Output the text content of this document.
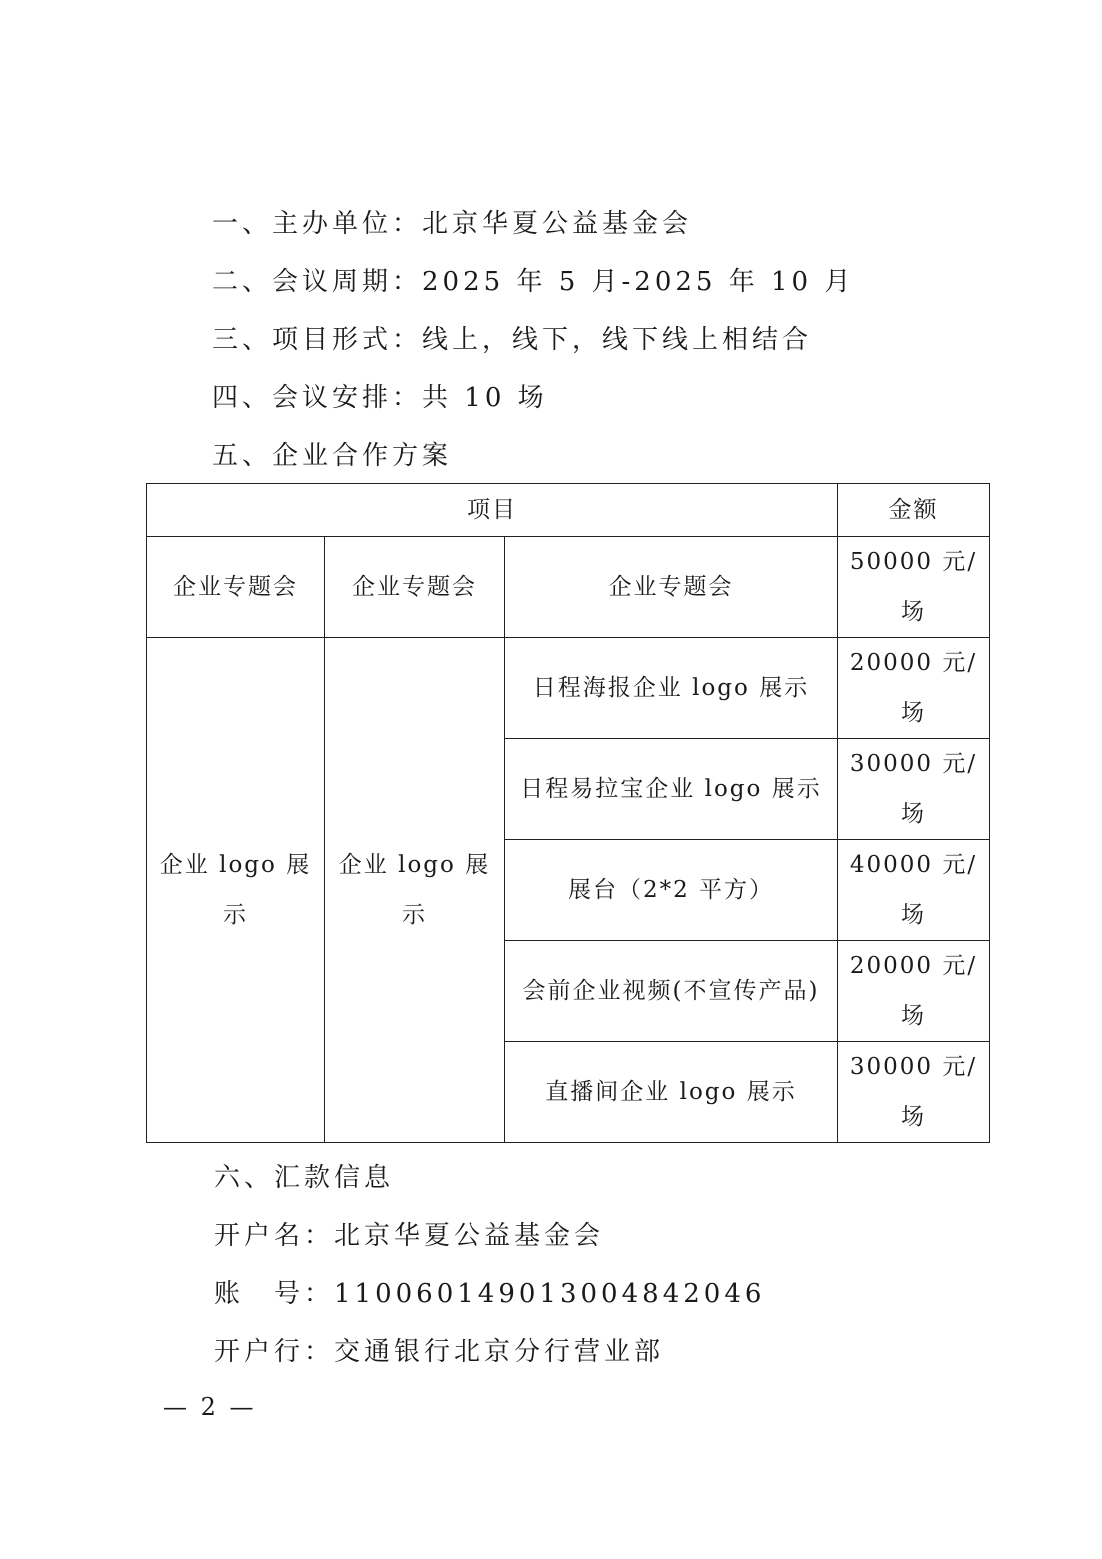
一、主办单位：北京华夏公益基金会
二、会议周期：2025 年 5 月-2025 年 10 月
三、项目形式：线上，线下，线下线上相结合
四、会议安排：共 10 场
五、企业合作方案
项目			金额
企业专题会	企业专题会	企业专题会	50000 元/场
企业 logo 展示	企业 logo 展示	日程海报企业 logo 展示	20000 元/场
		日程易拉宝企业 logo 展示	30000 元/场
		展台（2*2 平方）	40000 元/场
		会前企业视频(不宣传产品)	20000 元/场
		直播间企业 logo 展示	30000 元/场
六、汇款信息
开户名：北京华夏公益基金会
账　号：110060149013004842046
开户行：交通银行北京分行营业部
— 2 —
